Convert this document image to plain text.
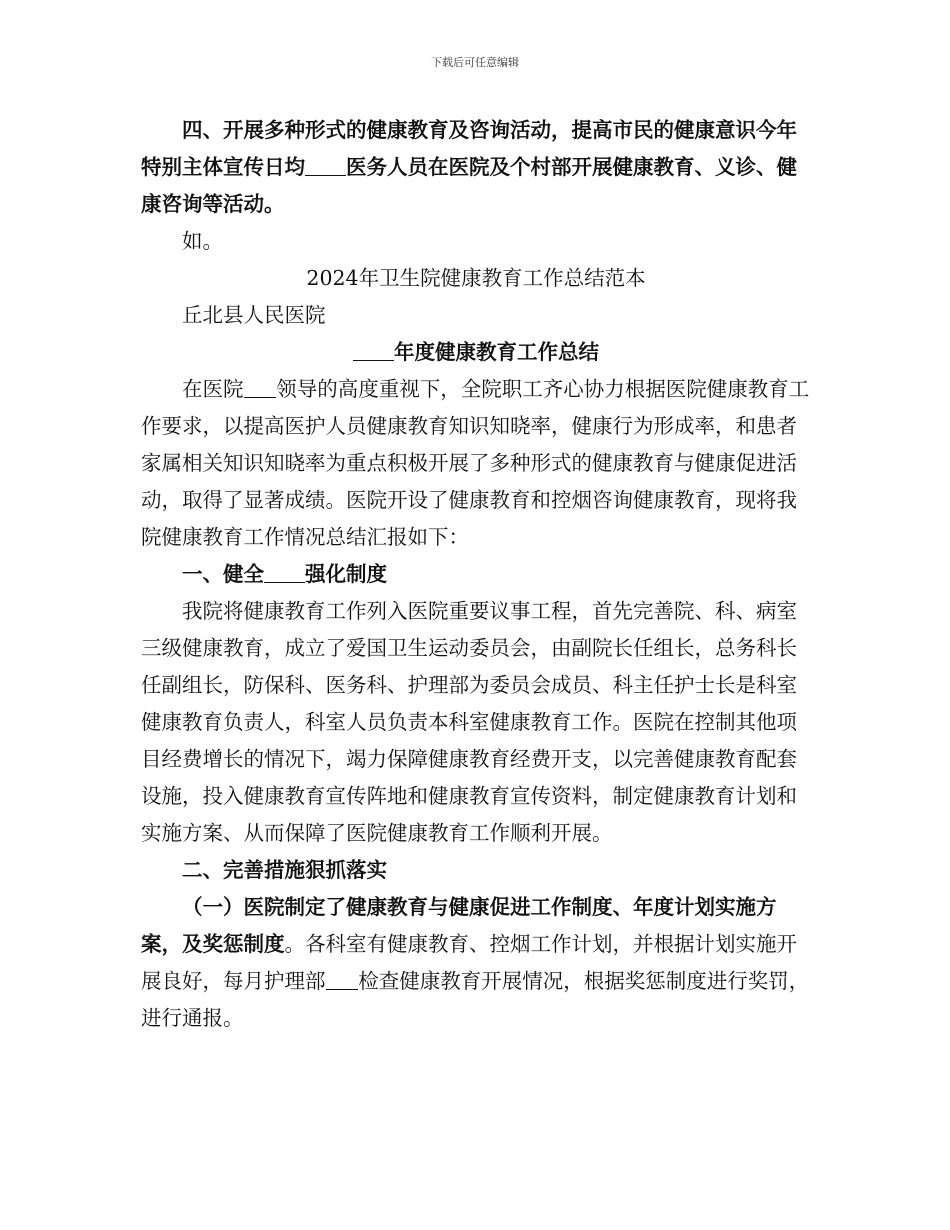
下载后可任意编辑

四、开展多种形式的健康教育及咨询活动，提高市民的健康意识今年特别主体宣传日均 医务人员在医院及个村部开展健康教育、义诊、健康咨询等活动。

如。

2024年卫生院健康教育工作总结范本

丘北县人民医院

年度健康教育工作总结

在医院 领导的高度重视下，全院职工齐心协力根据医院健康教育工作要求，以提高医护人员健康教育知识知晓率，健康行为形成率，和患者家属相关知识知晓率为重点积极开展了多种形式的健康教育与健康促进活动，取得了显著成绩。医院开设了健康教育和控烟咨询健康教育，现将我院健康教育工作情况总结汇报如下：

一、健全 强化制度

我院将健康教育工作列入医院重要议事工程，首先完善院、科、病室三级健康教育，成立了爱国卫生运动委员会，由副院长任组长，总务科长任副组长，防保科、医务科、护理部为委员会成员、科主任护士长是科室健康教育负责人，科室人员负责本科室健康教育工作。医院在控制其他项目经费增长的情况下，竭力保障健康教育经费开支，以完善健康教育配套设施，投入健康教育宣传阵地和健康教育宣传资料，制定健康教育计划和实施方案、从而保障了医院健康教育工作顺利开展。

二、完善措施狠抓落实

（一）医院制定了健康教育与健康促进工作制度、年度计划实施方案，及奖惩制度。各科室有健康教育、控烟工作计划，并根据计划实施开展良好，每月护理部 检查健康教育开展情况，根据奖惩制度进行奖罚，进行通报。
